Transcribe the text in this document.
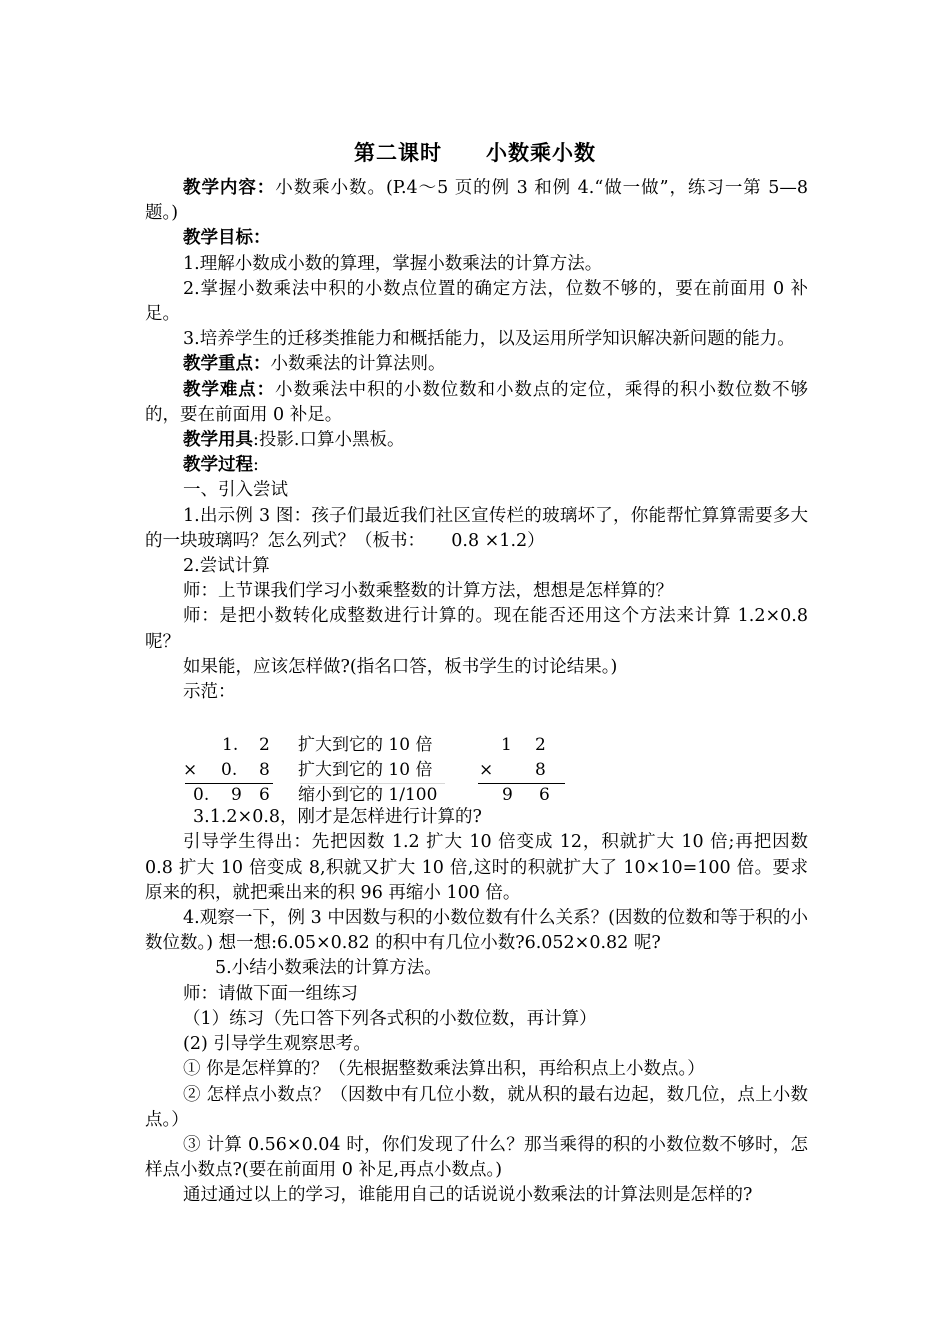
第二课时　　小数乘小数

教学内容：小数乘小数。(P.4～5 页的例 3 和例 4.“做一做”，练习一第 5—8 题。)

教学目标：

1.理解小数成小数的算理，掌握小数乘法的计算方法。

2.掌握小数乘法中积的小数点位置的确定方法，位数不够的，要在前面用 0 补足。

3.培养学生的迁移类推能力和概括能力，以及运用所学知识解决新问题的能力。

教学重点：小数乘法的计算法则。

教学难点：小数乘法中积的小数位数和小数点的定位，乘得的积小数位数不够的，要在前面用 0 补足。

教学用具:投影.口算小黑板。

教学过程:

一、引入尝试

1.出示例 3 图：孩子们最近我们社区宣传栏的玻璃坏了，你能帮忙算算需要多大的一块玻璃吗？怎么列式？（板书：　　0.8 ×1.2）

2.尝试计算

师：上节课我们学习小数乘整数的计算方法，想想是怎样算的？

师：是把小数转化成整数进行计算的。现在能否还用这个方法来计算 1.2×0.8 呢？

如果能，应该怎样做?(指名口答，板书学生的讨论结果。)

示范：

1. 2 扩大到它的 10 倍	1 2
× 0. 8 扩大到它的 10 倍	× 8
0. 9 6 缩小到它的 1/100	9 6

3.1.2×0.8，刚才是怎样进行计算的?

引导学生得出：先把因数 1.2 扩大 10 倍变成 12，积就扩大 10 倍;再把因数 0.8 扩大 10 倍变成 8,积就又扩大 10 倍,这时的积就扩大了 10×10=100 倍。要求原来的积，就把乘出来的积 96 再缩小 100 倍。

4.观察一下，例 3 中因数与积的小数位数有什么关系？(因数的位数和等于积的小数位数。) 想一想:6.05×0.82 的积中有几位小数?6.052×0.82 呢?

5.小结小数乘法的计算方法。

师：请做下面一组练习

（1）练习（先口答下列各式积的小数位数，再计算）

(2) 引导学生观察思考。

① 你是怎样算的？（先根据整数乘法算出积，再给积点上小数点。）

② 怎样点小数点？（因数中有几位小数，就从积的最右边起，数几位，点上小数点。）

③ 计算 0.56×0.04 时，你们发现了什么？那当乘得的积的小数位数不够时，怎样点小数点?(要在前面用 0 补足,再点小数点。)

通过通过以上的学习，谁能用自己的话说说小数乘法的计算法则是怎样的?
